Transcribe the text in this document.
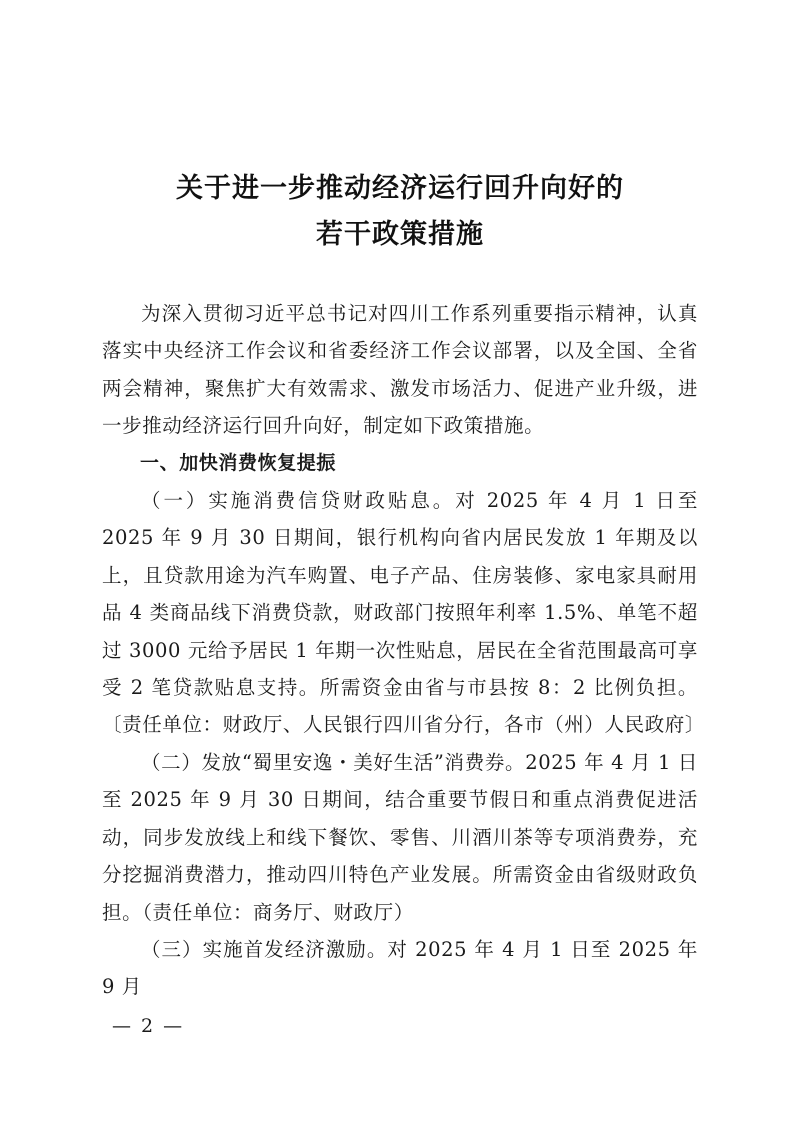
关于进一步推动经济运行回升向好的
若干政策措施

为深入贯彻习近平总书记对四川工作系列重要指示精神，认真落实中央经济工作会议和省委经济工作会议部署，以及全国、全省两会精神，聚焦扩大有效需求、激发市场活力、促进产业升级，进一步推动经济运行回升向好，制定如下政策措施。

一、加快消费恢复提振

（一）实施消费信贷财政贴息。对 2025 年 4 月 1 日至 2025 年 9 月 30 日期间，银行机构向省内居民发放 1 年期及以上，且贷款用途为汽车购置、电子产品、住房装修、家电家具耐用品 4 类商品线下消费贷款，财政部门按照年利率 1.5%、单笔不超过 3000 元给予居民 1 年期一次性贴息，居民在全省范围最高可享受 2 笔贷款贴息支持。所需资金由省与市县按 8：2 比例负担。〔责任单位：财政厅、人民银行四川省分行，各市（州）人民政府〕

（二）发放“蜀里安逸・美好生活”消费券。2025 年 4 月 1 日至 2025 年 9 月 30 日期间，结合重要节假日和重点消费促进活动，同步发放线上和线下餐饮、零售、川酒川茶等专项消费券，充分挖掘消费潜力，推动四川特色产业发展。所需资金由省级财政负担。（责任单位：商务厅、财政厅）

（三）实施首发经济激励。对 2025 年 4 月 1 日至 2025 年 9 月

— 2 —
